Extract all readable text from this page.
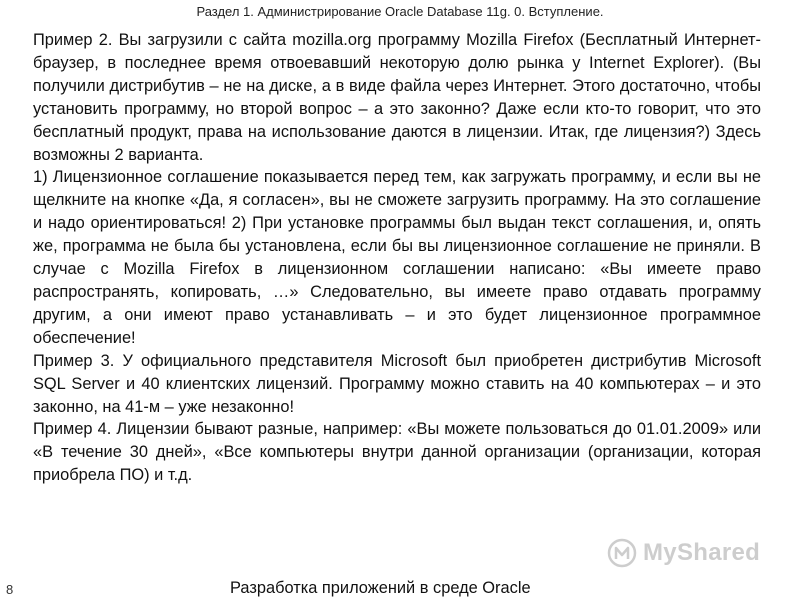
Раздел 1. Администрирование Oracle Database 11g. 0. Вступление.

Пример 2. Вы загрузили с сайта mozilla.org программу Mozilla Firefox (Бесплатный Интернет-браузер, в последнее время отвоевавший некоторую долю рынка у Internet Explorer). (Вы получили дистрибутив – не на диске, а в виде файла через Интернет. Этого достаточно, чтобы установить программу, но второй вопрос – а это законно? Даже если кто-то говорит, что это бесплатный продукт, права на использование даются в лицензии. Итак, где лицензия?) Здесь возможны 2 варианта.

1) Лицензионное соглашение показывается перед тем, как загружать программу, и если вы не щелкните на кнопке «Да, я согласен», вы не сможете загрузить программу. На это соглашение и надо ориентироваться! 2) При установке программы был выдан текст соглашения, и, опять же, программа не была бы установлена, если бы вы лицензионное соглашение не приняли. В случае с Mozilla Firefox в лицензионном соглашении написано: «Вы имеете право распространять, копировать, …» Следовательно, вы имеете право отдавать программу другим, а они имеют право устанавливать – и это будет лицензионное программное обеспечение!

Пример 3. У официального представителя Microsoft был приобретен дистрибутив Microsoft SQL Server и 40 клиентских лицензий. Программу можно ставить на 40 компьютерах – и это законно, на 41-м – уже незаконно!

Пример 4. Лицензии бывают разные, например: «Вы можете пользоваться до 01.01.2009» или «В течение 30 дней», «Все компьютеры внутри данной организации (организации, которая приобрела ПО) и т.д.

MyShared
8	Разработка приложений в среде Oracle
